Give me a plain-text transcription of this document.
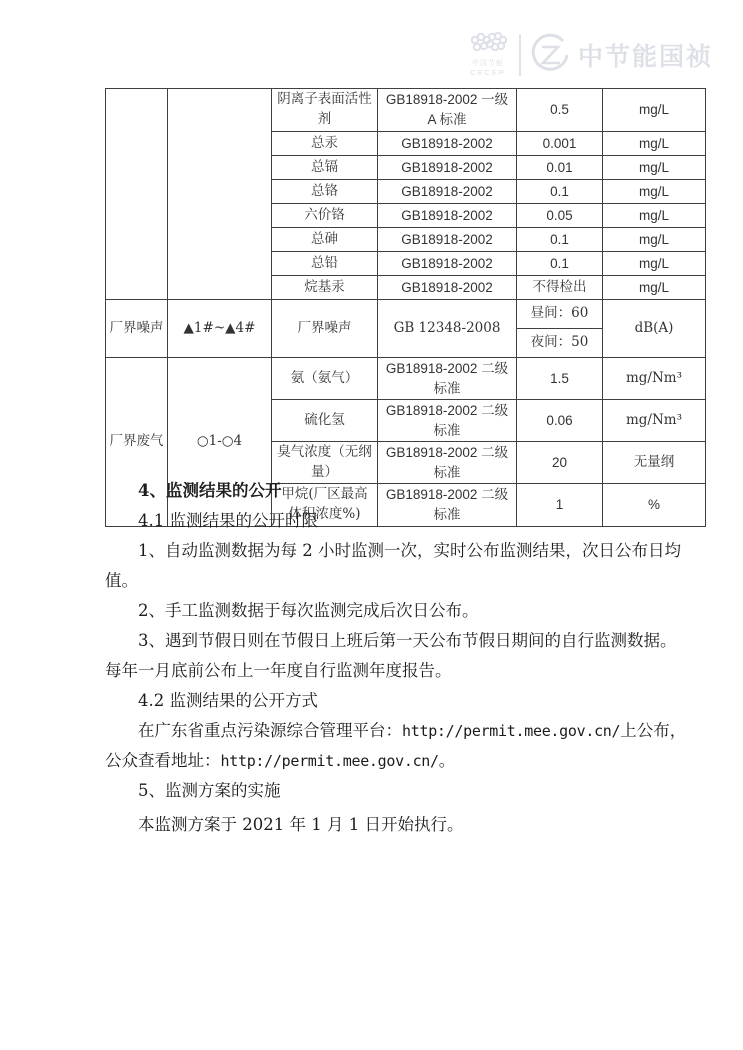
中国节能
CECEP
中节能国祯
		阴离子表面活性剂	GB18918-2002 一级 A 标准	0.5	mg/L
		总汞	GB18918-2002	0.001	mg/L
		总镉	GB18918-2002	0.01	mg/L
		总铬	GB18918-2002	0.1	mg/L
		六价铬	GB18918-2002	0.05	mg/L
		总砷	GB18918-2002	0.1	mg/L
		总铅	GB18918-2002	0.1	mg/L
		烷基汞	GB18918-2002	不得检出	mg/L
厂界噪声	▲1#~▲4#	厂界噪声	GB 12348-2008	昼间：60	dB(A)
				夜间：50	
厂界废气	○1-○4	氨（氨气）	GB18918-2002 二级标准	1.5	mg/Nm³
		硫化氢	GB18918-2002 二级标准	0.06	mg/Nm³
		臭气浓度（无纲量）	GB18918-2002 二级标准	20	无量纲
		甲烷(厂区最高体积浓度%)	GB18918-2002 二级标准	1	%
4、监测结果的公开
4.1 监测结果的公开时限
1、自动监测数据为每 2 小时监测一次，实时公布监测结果，次日公布日均
值。
2、手工监测数据于每次监测完成后次日公布。
3、遇到节假日则在节假日上班后第一天公布节假日期间的自行监测数据。
每年一月底前公布上一年度自行监测年度报告。
4.2 监测结果的公开方式
在广东省重点污染源综合管理平台：http://permit.mee.gov.cn/上公布，
公众查看地址：http://permit.mee.gov.cn/。
5、监测方案的实施
本监测方案于 2021 年 1 月 1 日开始执行。
